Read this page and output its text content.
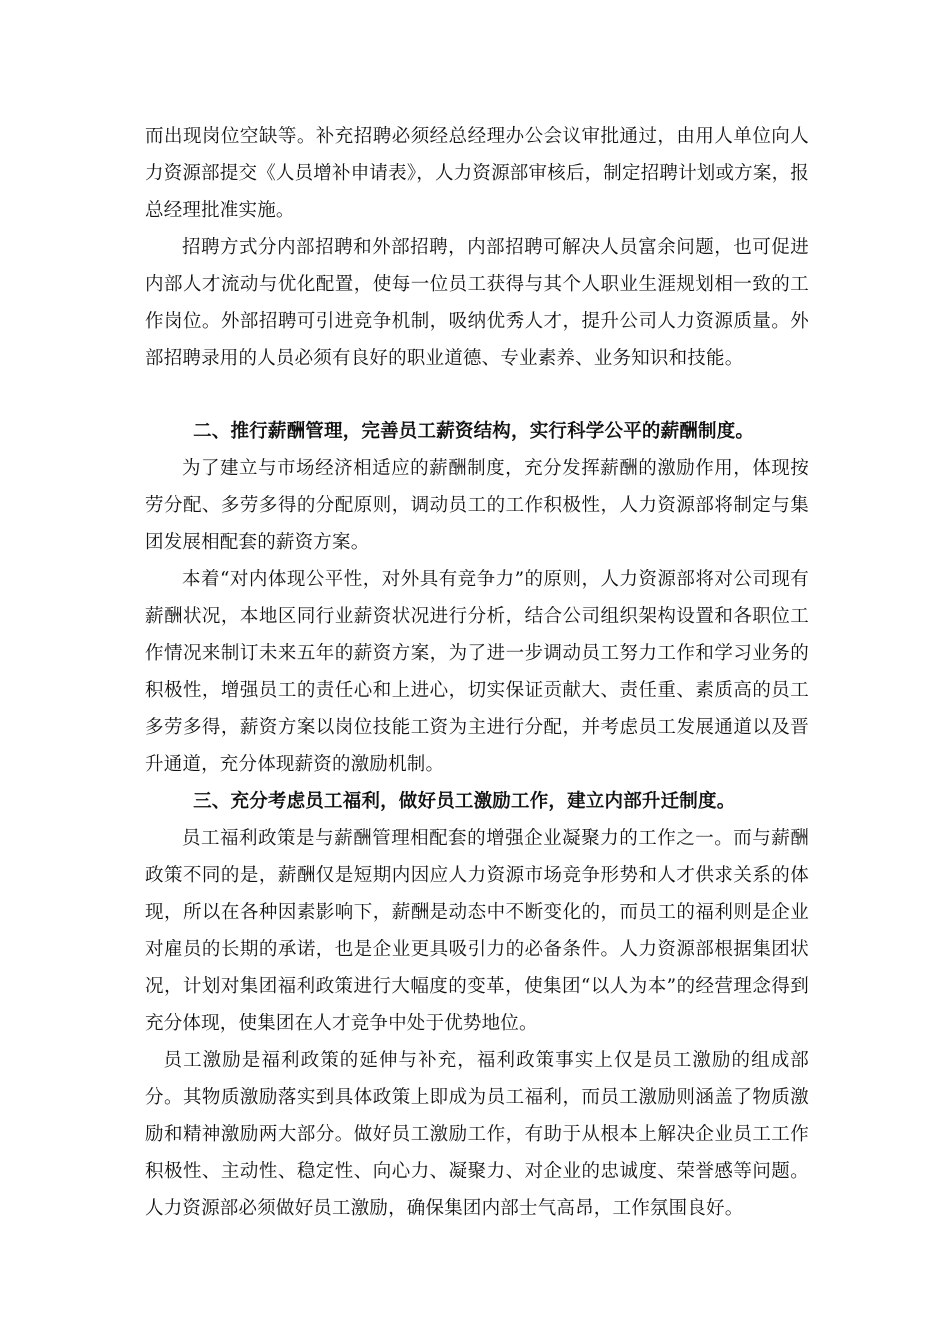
而出现岗位空缺等。补充招聘必须经总经理办公会议审批通过，由用人单位向人力资源部提交《人员增补申请表》，人力资源部审核后，制定招聘计划或方案，报总经理批准实施。

招聘方式分内部招聘和外部招聘，内部招聘可解决人员富余问题，也可促进内部人才流动与优化配置，使每一位员工获得与其个人职业生涯规划相一致的工作岗位。外部招聘可引进竞争机制，吸纳优秀人才，提升公司人力资源质量。外部招聘录用的人员必须有良好的职业道德、专业素养、业务知识和技能。

二、推行薪酬管理，完善员工薪资结构，实行科学公平的薪酬制度。

为了建立与市场经济相适应的薪酬制度，充分发挥薪酬的激励作用，体现按劳分配、多劳多得的分配原则，调动员工的工作积极性，人力资源部将制定与集团发展相配套的薪资方案。

本着“对内体现公平性，对外具有竞争力”的原则，人力资源部将对公司现有薪酬状况，本地区同行业薪资状况进行分析，结合公司组织架构设置和各职位工作情况来制订未来五年的薪资方案，为了进一步调动员工努力工作和学习业务的积极性，增强员工的责任心和上进心，切实保证贡献大、责任重、素质高的员工多劳多得，薪资方案以岗位技能工资为主进行分配，并考虑员工发展通道以及晋升通道，充分体现薪资的激励机制。

三、充分考虑员工福利，做好员工激励工作，建立内部升迁制度。

员工福利政策是与薪酬管理相配套的增强企业凝聚力的工作之一。而与薪酬政策不同的是，薪酬仅是短期内因应人力资源市场竞争形势和人才供求关系的体现，所以在各种因素影响下，薪酬是动态中不断变化的，而员工的福利则是企业对雇员的长期的承诺，也是企业更具吸引力的必备条件。人力资源部根据集团状况，计划对集团福利政策进行大幅度的变革，使集团“以人为本”的经营理念得到充分体现，使集团在人才竞争中处于优势地位。

员工激励是福利政策的延伸与补充，福利政策事实上仅是员工激励的组成部分。其物质激励落实到具体政策上即成为员工福利，而员工激励则涵盖了物质激励和精神激励两大部分。做好员工激励工作，有助于从根本上解决企业员工工作积极性、主动性、稳定性、向心力、凝聚力、对企业的忠诚度、荣誉感等问题。人力资源部必须做好员工激励，确保集团内部士气高昂，工作氛围良好。
